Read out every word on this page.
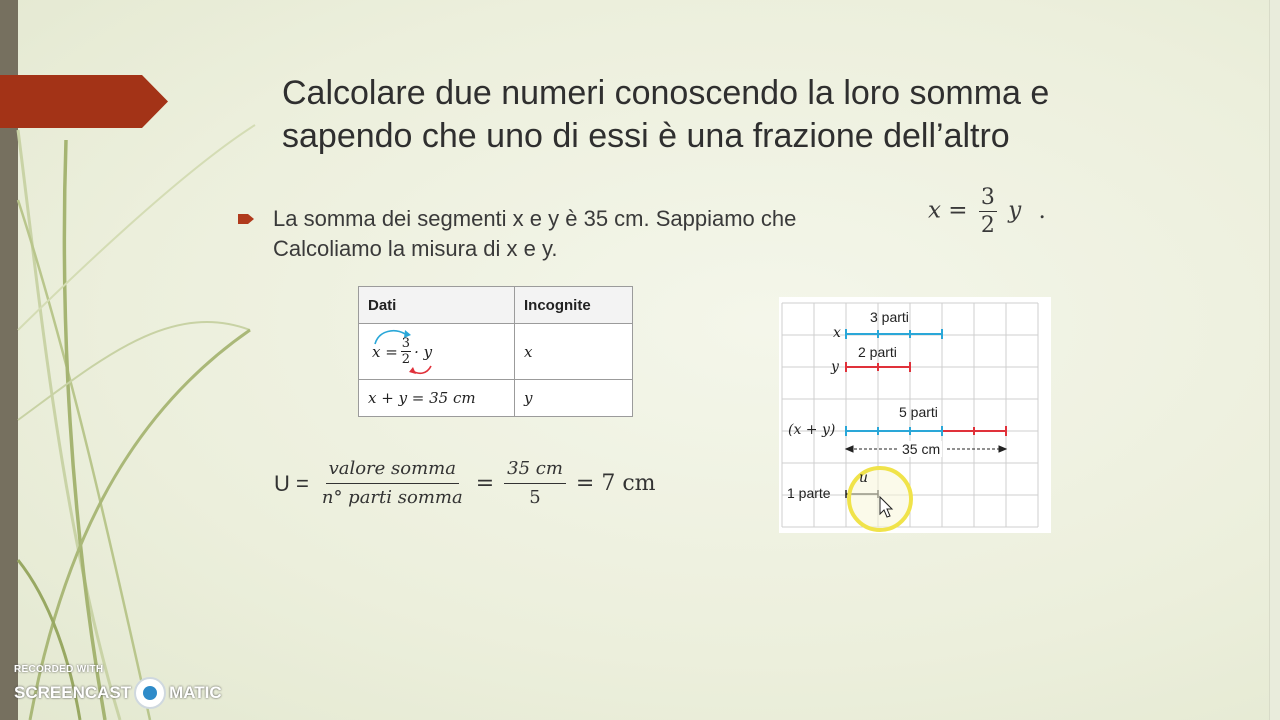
Calcolare due numeri conoscendo la loro somma e
sapendo che uno di essi è una frazione dell’altro
La somma dei segmenti x e y è 35 cm. Sappiamo che	$x = \frac{3}{2}$ y .
Calcoliamo la misura di x e y.
Dati	Incognite

$x = \frac{3}{2} \cdot y$	x
x + y = 35 cm	y
$U = \frac{\text{valore somma}}{\text{n° parti somma}} = \frac{35 cm}{5} = 7$ cm
3 parti
x
2 parti
y
5 parti
(x + y)
35 cm
1 parte
u
RECORDED WITH
SCREENCAST MATIC
